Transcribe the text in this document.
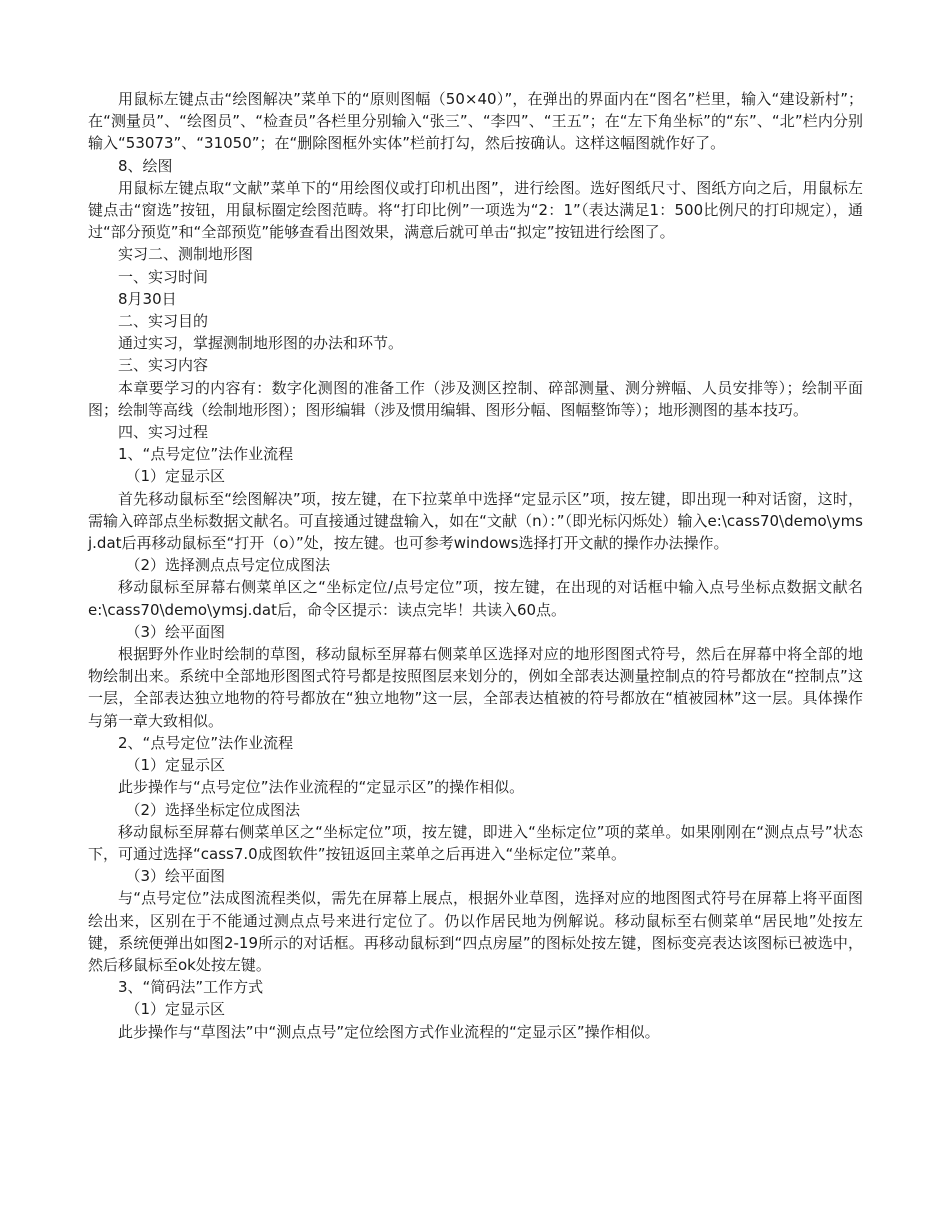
用鼠标左键点击“绘图解决”菜单下的“原则图幅（50×40）”，在弹出的界面内在“图名”栏里，输入“建设新村”；在“测量员”、“绘图员”、“检查员”各栏里分别输入“张三”、“李四”、“王五”；在“左下角坐标”的“东”、“北”栏内分别输入“53073”、“31050”；在“删除图框外实体”栏前打勾，然后按确认。这样这幅图就作好了。

8、绘图

用鼠标左键点取“文献”菜单下的“用绘图仪或打印机出图”，进行绘图。选好图纸尺寸、图纸方向之后，用鼠标左键点击“窗选”按钮，用鼠标圈定绘图范畴。将“打印比例”一项选为“2：1”（表达满足1：500比例尺的打印规定），通过“部分预览”和“全部预览”能够查看出图效果，满意后就可单击“拟定”按钮进行绘图了。

实习二、测制地形图

一、实习时间

8月30日

二、实习目的

通过实习，掌握测制地形图的办法和环节。

三、实习内容

本章要学习的内容有：数字化测图的准备工作（涉及测区控制、碎部测量、测分辨幅、人员安排等）；绘制平面图；绘制等高线（绘制地形图）；图形编辑（涉及惯用编辑、图形分幅、图幅整饰等）；地形测图的基本技巧。

四、实习过程

1、“点号定位”法作业流程

（1）定显示区

首先移动鼠标至“绘图解决”项，按左键，在下拉菜单中选择“定显示区”项，按左键，即出现一种对话窗，这时，需输入碎部点坐标数据文献名。可直接通过键盘输入，如在“文献（n）：”（即光标闪烁处）输入e:\cass70\demo\ymsj.dat后再移动鼠标至“打开（o）”处，按左键。也可参考windows选择打开文献的操作办法操作。

（2）选择测点点号定位成图法

移动鼠标至屏幕右侧菜单区之“坐标定位/点号定位”项，按左键，在出现的对话框中输入点号坐标点数据文献名e:\cass70\demo\ymsj.dat后，命令区提示：读点完毕！共读入60点。

（3）绘平面图

根据野外作业时绘制的草图，移动鼠标至屏幕右侧菜单区选择对应的地形图图式符号，然后在屏幕中将全部的地物绘制出来。系统中全部地形图图式符号都是按照图层来划分的，例如全部表达测量控制点的符号都放在“控制点”这一层，全部表达独立地物的符号都放在“独立地物”这一层，全部表达植被的符号都放在“植被园林”这一层。具体操作与第一章大致相似。

2、“点号定位”法作业流程

（1）定显示区

此步操作与“点号定位”法作业流程的“定显示区”的操作相似。

（2）选择坐标定位成图法

移动鼠标至屏幕右侧菜单区之“坐标定位”项，按左键，即进入“坐标定位”项的菜单。如果刚刚在“测点点号”状态下，可通过选择“cass7.0成图软件”按钮返回主菜单之后再进入“坐标定位”菜单。

（3）绘平面图

与“点号定位”法成图流程类似，需先在屏幕上展点，根据外业草图，选择对应的地图图式符号在屏幕上将平面图绘出来，区别在于不能通过测点点号来进行定位了。仍以作居民地为例解说。移动鼠标至右侧菜单“居民地”处按左键，系统便弹出如图2-19所示的对话框。再移动鼠标到“四点房屋”的图标处按左键，图标变亮表达该图标已被选中，然后移鼠标至ok处按左键。

3、“简码法”工作方式

（1）定显示区

此步操作与“草图法”中“测点点号”定位绘图方式作业流程的“定显示区”操作相似。
